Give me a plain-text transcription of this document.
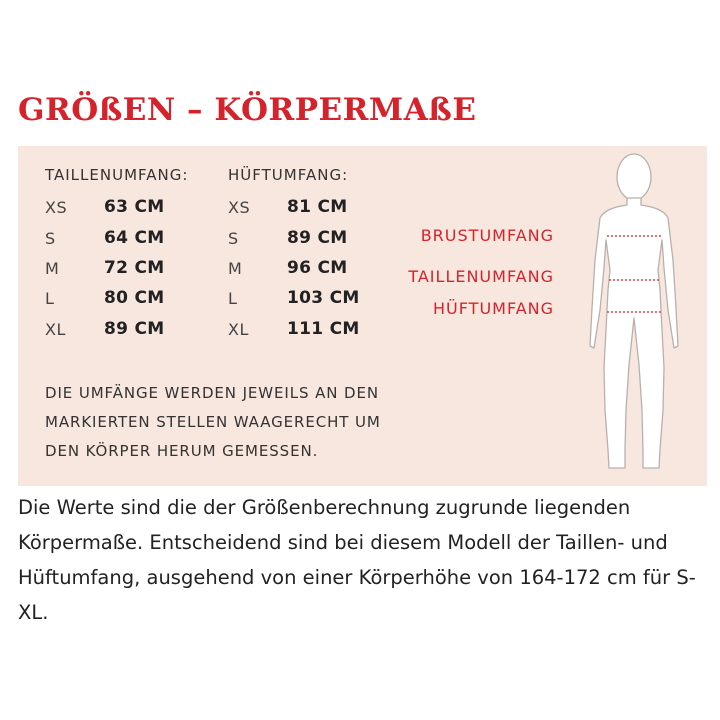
GRÖßEN – KÖRPERMAßE
TAILLENUMFANG:	HÜFTUMFANG:
XS 63 CM	XS 81 CM
S	64 CM	S	89 CM
M	72 CM	M	96 CM
L	80 CM	L	103 CM
XL 89 CM	XL 111 CM

DIE UMFÄNGE WERDEN JEWEILS AN DEN MARKIERTEN STELLEN WAAGERECHT UM DEN KÖRPER HERUM GEMESSEN.

BRUSTUMFANG
TAILLENUMFANG
HÜFTUMFANG

Die Werte sind die der Größenberechnung zugrunde liegenden Körpermaße. Entscheidend sind bei diesem Modell der Taillen- und Hüftumfang, ausgehend von einer Körperhöhe von 164-172 cm für S-XL.
